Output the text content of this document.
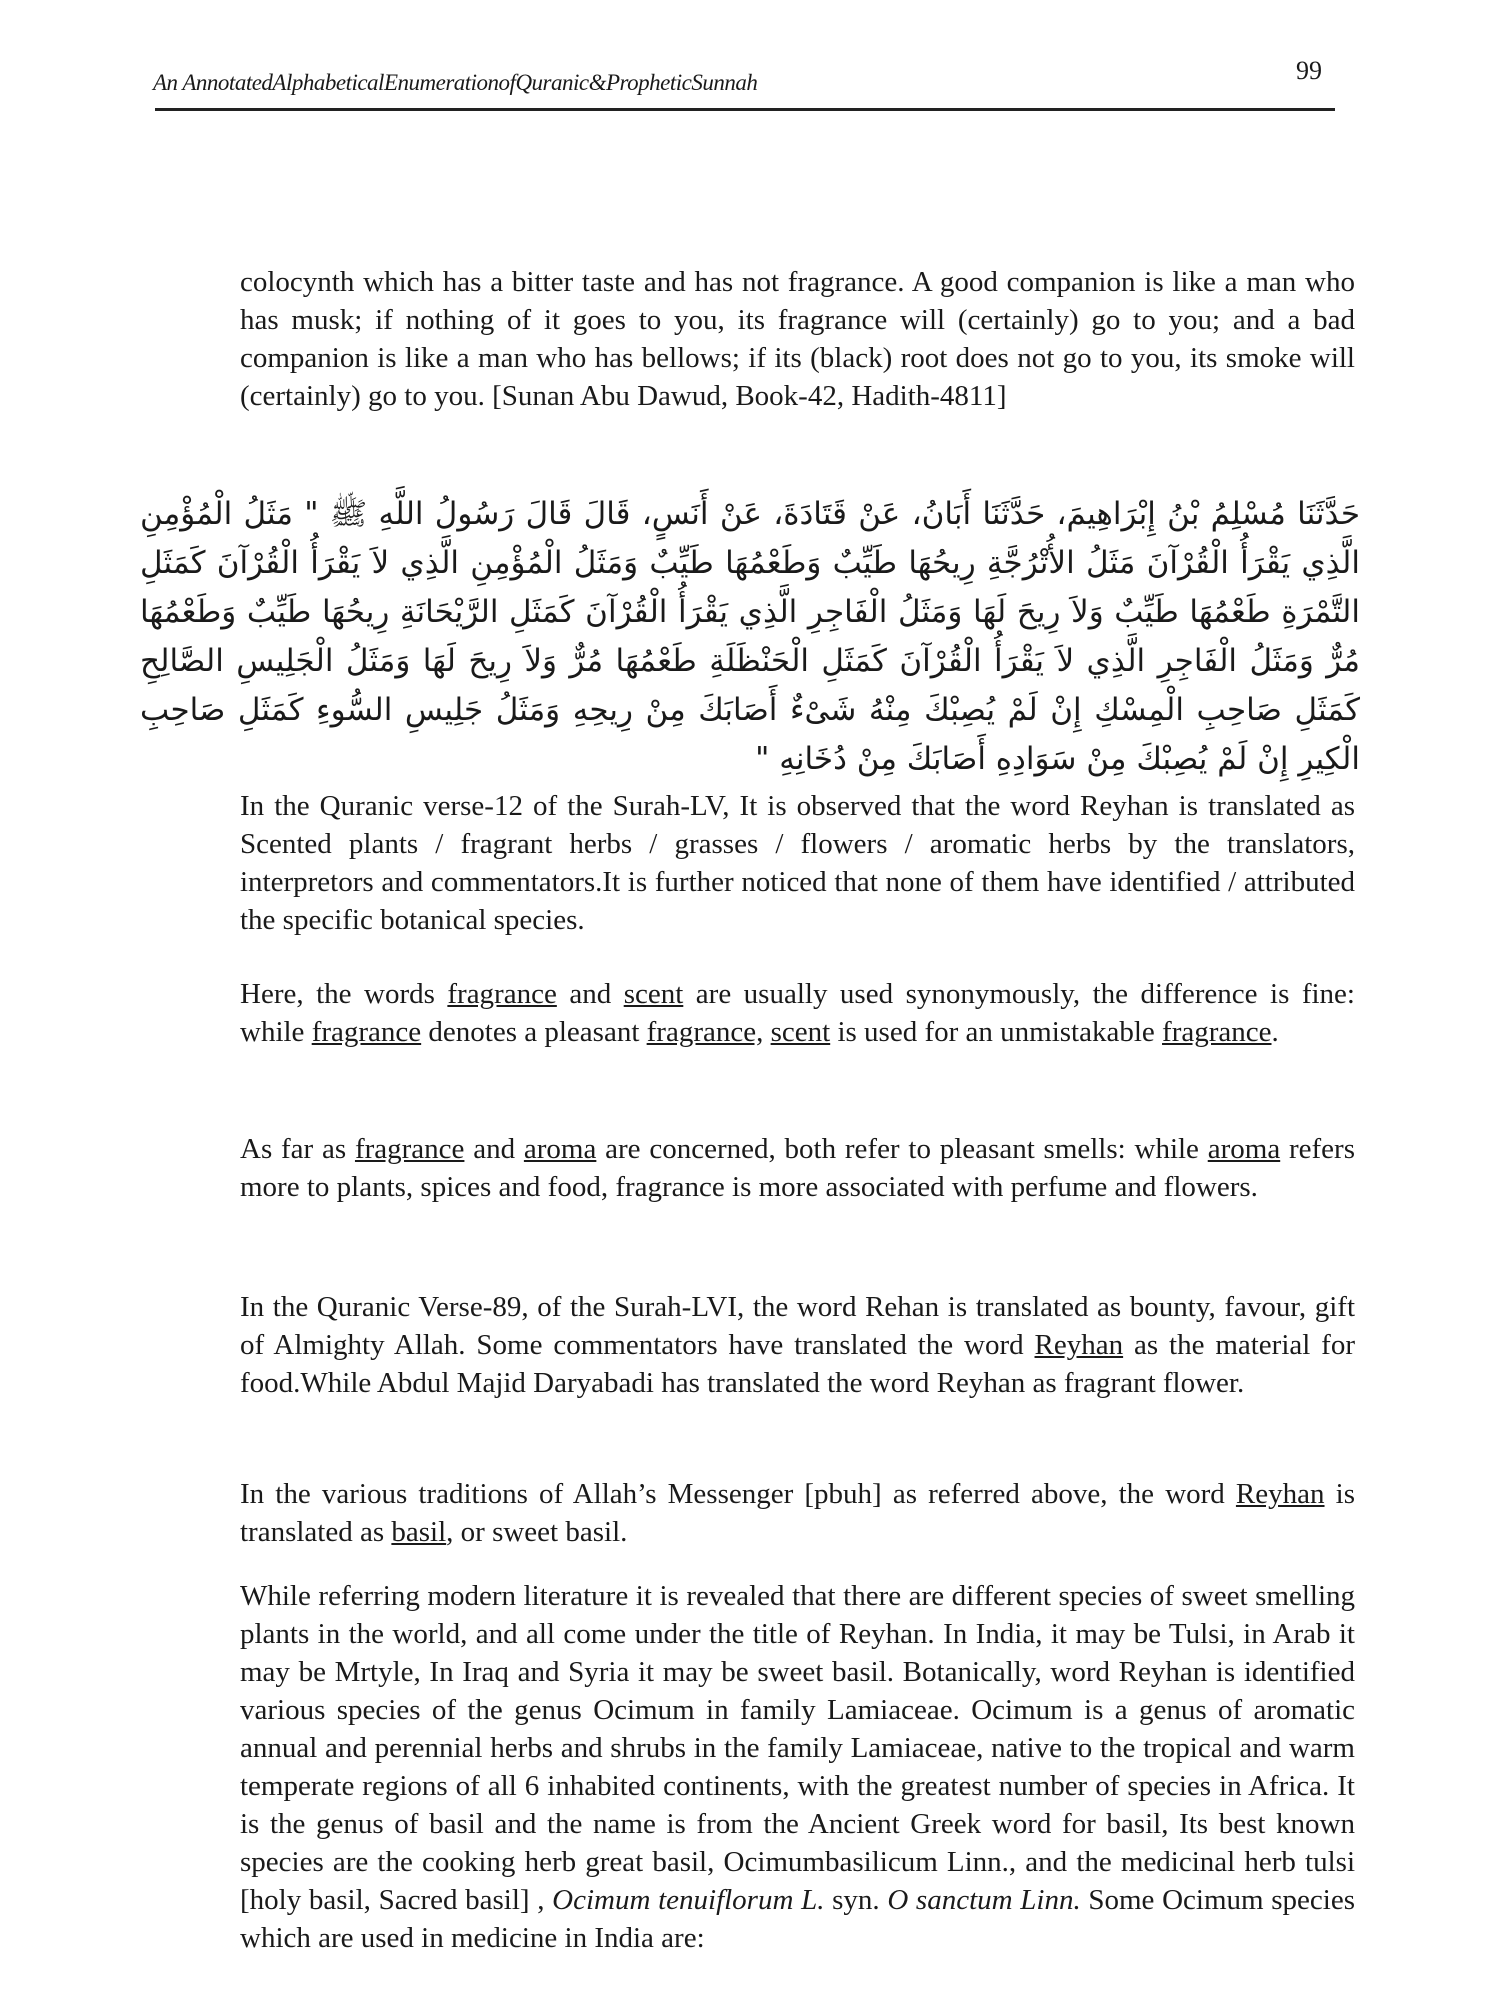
An AnnotatedAlphabeticalEnumerationofQuranic&PropheticSunnah	99

colocynth which has a bitter taste and has not fragrance. A good companion is like a man who has musk; if nothing of it goes to you, its fragrance will (certainly) go to you; and a bad companion is like a man who has bellows; if its (black) root does not go to you, its smoke will (certainly) go to you. [Sunan Abu Dawud, Book-42, Hadith-4811]

حَدَّثَنَا مُسْلِمُ بْنُ إِبْرَاهِيمَ، حَدَّثَنَا أَبَانُ، عَنْ قَتَادَةَ، عَنْ أَنَسٍ، قَالَ قَالَ رَسُولُ اللَّهِ ﷺ " مَثَلُ الْمُؤْمِنِ الَّذِي يَقْرَأُ الْقُرْآنَ مَثَلُ الأُتْرُجَّةِ رِيحُهَا طَيِّبٌ وَطَعْمُهَا طَيِّبٌ وَمَثَلُ الْمُؤْمِنِ الَّذِي لاَ يَقْرَأُ الْقُرْآنَ كَمَثَلِ التَّمْرَةِ طَعْمُهَا طَيِّبٌ وَلاَ رِيحَ لَهَا وَمَثَلُ الْفَاجِرِ الَّذِي يَقْرَأُ الْقُرْآنَ كَمَثَلِ الرَّيْحَانَةِ رِيحُهَا طَيِّبٌ وَطَعْمُهَا مُرٌّ وَمَثَلُ الْفَاجِرِ الَّذِي لاَ يَقْرَأُ الْقُرْآنَ كَمَثَلِ الْحَنْظَلَةِ طَعْمُهَا مُرٌّ وَلاَ رِيحَ لَهَا وَمَثَلُ الْجَلِيسِ الصَّالِحِ كَمَثَلِ صَاحِبِ الْمِسْكِ إِنْ لَمْ يُصِبْكَ مِنْهُ شَىْءٌ أَصَابَكَ مِنْ رِيحِهِ وَمَثَلُ جَلِيسِ السُّوءِ كَمَثَلِ صَاحِبِ الْكِيرِ إِنْ لَمْ يُصِبْكَ مِنْ سَوَادِهِ أَصَابَكَ مِنْ دُخَانِهِ "

In the Quranic verse-12 of the Surah-LV, It is observed that the word Reyhan is translated as Scented plants / fragrant herbs / grasses / flowers / aromatic herbs by the translators, interpretors and commentators.It is further noticed that none of them have identified / attributed the specific botanical species.

Here, the words fragrance and scent are usually used synonymously, the difference is fine: while fragrance denotes a pleasant fragrance, scent is used for an unmistakable fragrance.

As far as fragrance and aroma are concerned, both refer to pleasant smells: while aroma refers more to plants, spices and food, fragrance is more associated with perfume and flowers.

In the Quranic Verse-89, of the Surah-LVI, the word Rehan is translated as bounty, favour, gift of Almighty Allah. Some commentators have translated the word Reyhan as the material for food.While Abdul Majid Daryabadi has translated the word Reyhan as fragrant flower.

In the various traditions of Allah’s Messenger [pbuh] as referred above, the word Reyhan is translated as basil, or sweet basil.

While referring modern literature it is revealed that there are different species of sweet smelling plants in the world, and all come under the title of Reyhan. In India, it may be Tulsi, in Arab it may be Mrtyle, In Iraq and Syria it may be sweet basil. Botanically, word Reyhan is identified various species of the genus Ocimum in family Lamiaceae. Ocimum is a genus of aromatic annual and perennial herbs and shrubs in the family Lamiaceae, native to the tropical and warm temperate regions of all 6 inhabited continents, with the greatest number of species in Africa. It is the genus of basil and the name is from the Ancient Greek word for basil, Its best known species are the cooking herb great basil, Ocimumbasilicum Linn., and the medicinal herb tulsi [holy basil, Sacred basil] , Ocimum tenuiflorum L. syn. O sanctum Linn. Some Ocimum species which are used in medicine in India are:
